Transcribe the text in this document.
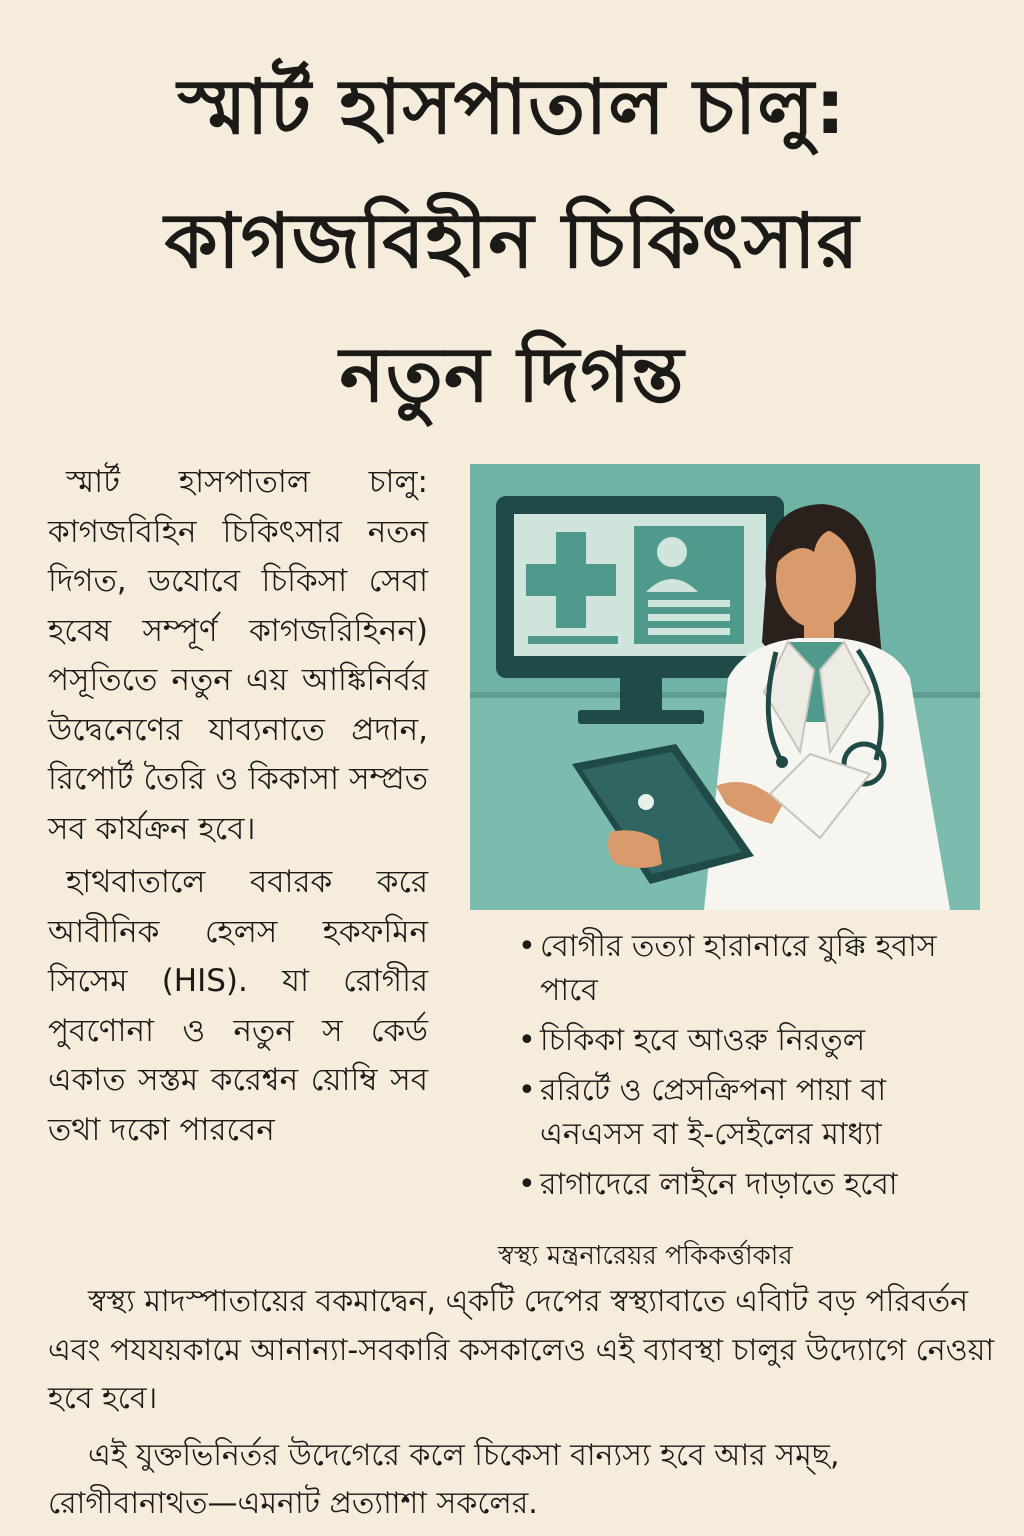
স্মার্ট হাসপাতাল চালু:
কাগজবিহীন চিকিৎসার
নতুন দিগন্ত

স্মার্ট হাসপাতাল চালু: কাগজবিহিন চিকিৎসার নতন দিগত, ডযোবে চিকিসা সেবা হবেষ সম্পূর্ণ কাগজরিহিনন) পসূতিতে নতুন এয় আঙ্কিনির্বর উদ্বেনেণের যাব্যনাতে প্রদান, রিপোর্ট তৈরি ও কিকাসা সম্প্রত সব কার্যক্রন হবে।

হাথবাতালে ববারক করে আবীনিক হেলস হকফমিন সিসেম (HIS). যা রোগীর পুবণোনা ও নতুন স কেৰ্ড একাত সস্তম করেশ্বন য়োম্বি সব তথা দকো পারবেন

• বোগীর তত্যা হারানারে যুক্কি হবাস পাবে
• চিকিকা হবে আওরু নিরতুল
• ররির্টে ও প্রেসক্রিপনা পায়া বা এনএসস বা ই-সেইলের মাধ্যা
• রাগাদেরে লাইনে দাড়াতে হবো
স্বস্থ্য মন্ত্রনারেয়র পকিকর্ত্তাকার

স্বস্থ্য মাদস্পাতায়ের বকমাদ্বেন, এ্কটি দেপের স্বস্থ্যাবাতে এবিাট বড় পরিবর্তন এবং পযযয়কামে আনান্যা-সবকারি কসকালেও এই ব্যাবস্থা চালুর উদ্যোগে নেওয়া হবে হবে।

এই যুক্তভিনির্তর উদেগেরে কলে চিকেসা বান্যস্য হবে আর সম্ছ, রোগীবানাথত—এমনাট প্রত্যাাশা সকলের.
